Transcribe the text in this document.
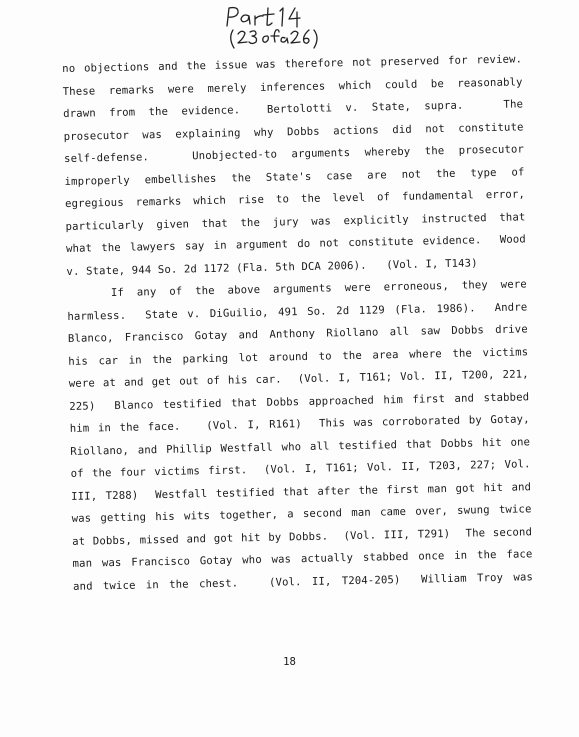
no objections and the issue was therefore not preserved for review.
These remarks were merely inferences which could be reasonably
drawn from the evidence.  Bertolotti v. State, supra.   The
prosecutor was explaining why Dobbs actions did not constitute
self-defense.   Unobjected-to arguments whereby the prosecutor
improperly embellishes the State's case are not the type of
egregious remarks which rise to the level of fundamental error,
particularly given that the jury was explicitly instructed that
what the lawyers say in argument do not constitute evidence.  Wood
v. State, 944 So. 2d 1172 (Fla. 5th DCA 2006).   (Vol. I, T143)
If any of the above arguments were erroneous, they were
harmless.  State v. DiGuilio, 491 So. 2d 1129 (Fla. 1986).  Andre
Blanco, Francisco Gotay and Anthony Riollano all saw Dobbs drive
his car in the parking lot around to the area where the victims
were at and get out of his car.  (Vol. I, T161; Vol. II, T200, 221,
225)  Blanco testified that Dobbs approached him first and stabbed
him in the face.   (Vol. I, R161)  This was corroborated by Gotay,
Riollano, and Phillip Westfall who all testified that Dobbs hit one
of the four victims first.  (Vol. I, T161; Vol. II, T203, 227; Vol.
III, T288)  Westfall testified that after the first man got hit and
was getting his wits together, a second man came over, swung twice
at Dobbs, missed and got hit by Dobbs.  (Vol. III, T291)  The second
man was Francisco Gotay who was actually stabbed once in the face
and twice in the chest.   (Vol. II, T204-205)  William Troy was
18
